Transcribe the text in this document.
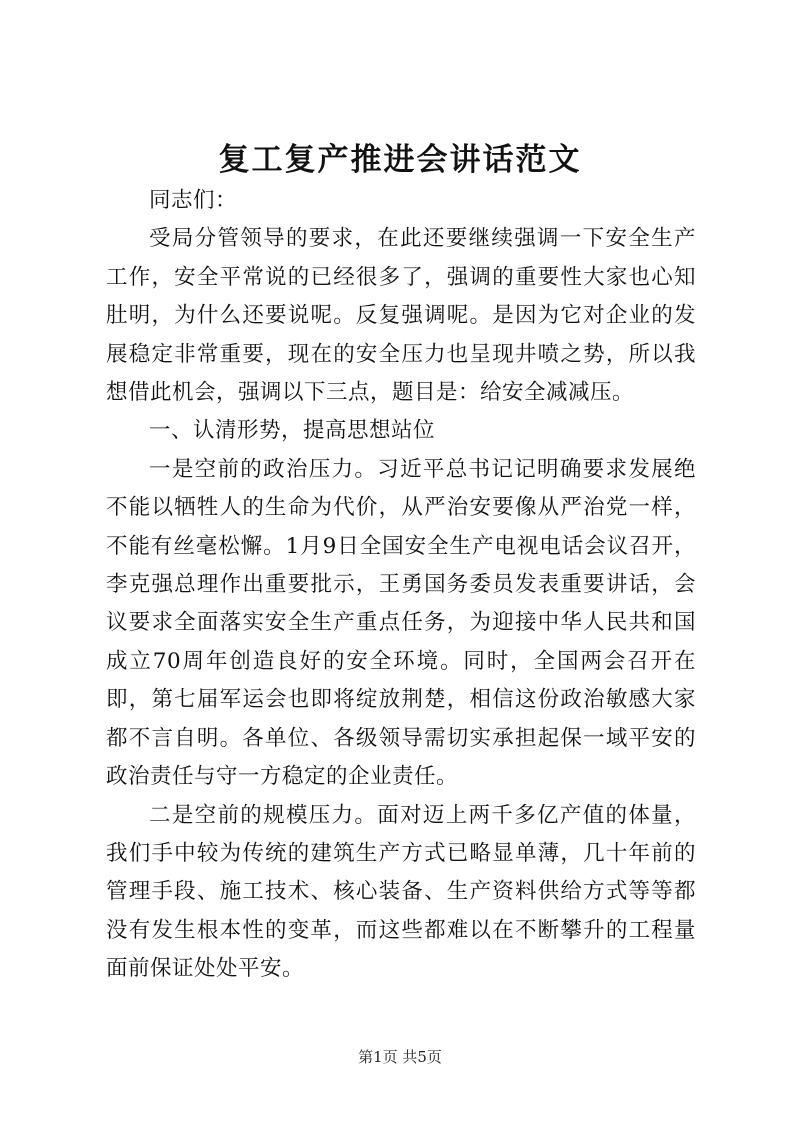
复工复产推进会讲话范文

同志们：

受局分管领导的要求，在此还要继续强调一下安全生产工作，安全平常说的已经很多了，强调的重要性大家也心知肚明，为什么还要说呢。反复强调呢。是因为它对企业的发展稳定非常重要，现在的安全压力也呈现井喷之势，所以我想借此机会，强调以下三点，题目是：给安全减减压。

一、认清形势，提高思想站位

一是空前的政治压力。习近平总书记记明确要求发展绝不能以牺牲人的生命为代价，从严治安要像从严治党一样，不能有丝毫松懈。1月9日全国安全生产电视电话会议召开，李克强总理作出重要批示，王勇国务委员发表重要讲话，会议要求全面落实安全生产重点任务，为迎接中华人民共和国成立70周年创造良好的安全环境。同时，全国两会召开在即，第七届军运会也即将绽放荆楚，相信这份政治敏感大家都不言自明。各单位、各级领导需切实承担起保一域平安的政治责任与守一方稳定的企业责任。

二是空前的规模压力。面对迈上两千多亿产值的体量，我们手中较为传统的建筑生产方式已略显单薄，几十年前的管理手段、施工技术、核心装备、生产资料供给方式等等都没有发生根本性的变革，而这些都难以在不断攀升的工程量面前保证处处平安。

第1页 共5页
